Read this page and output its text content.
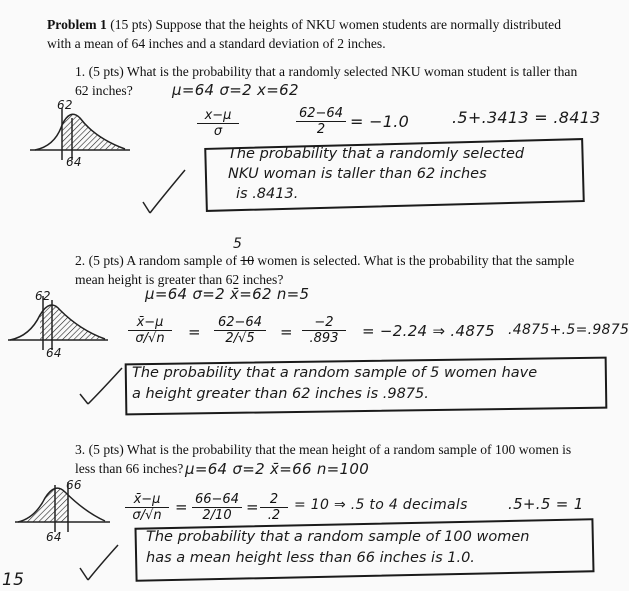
Problem 1 (15 pts) Suppose that the heights of NKU women students are normally distributed
with a mean of 64 inches and a standard deviation of 2 inches.
1. (5 pts) What is the probability that a randomly selected NKU woman student is taller than
62 inches?	μ=64 σ=2 x=62
$\frac{x-\mu}{\sigma}$	$\frac{62-64}{2} = -1.0$	.5+.3413 = .8413
62
64	The probability that a randomly selected
NKU woman is taller than 62 inches
is .8413.
2. (5 pts) A random sample of 10 women is selected. What is the probability that the sample
mean height is greater than 62 inches?
5
μ=64 σ=2 x̄=62 n=5
$\frac{x̄-\mu}{\sigma/√n} = \frac{62-64}{2/√5} = \frac{-2}{.893} = -2.24$ ⇒ .4875 .4875+.5=.9875
62
64
The probability that a random sample of 5 women have
a height greater than 62 inches is .9875.
3. (5 pts) What is the probability that the mean height of a random sample of 100 women is
less than 66 inches? μ=64 σ=2 x̄=66 n=100
$\frac{x̄-\mu}{\sigma/√n} = \frac{66-64}{2/10} = \frac{2}{.2} = 10$ ⇒ .5 to 4 decimals	.5+.5 = 1
66
64	The probability that a random sample of 100 women
has a mean height less than 66 inches is 1.0.
15
